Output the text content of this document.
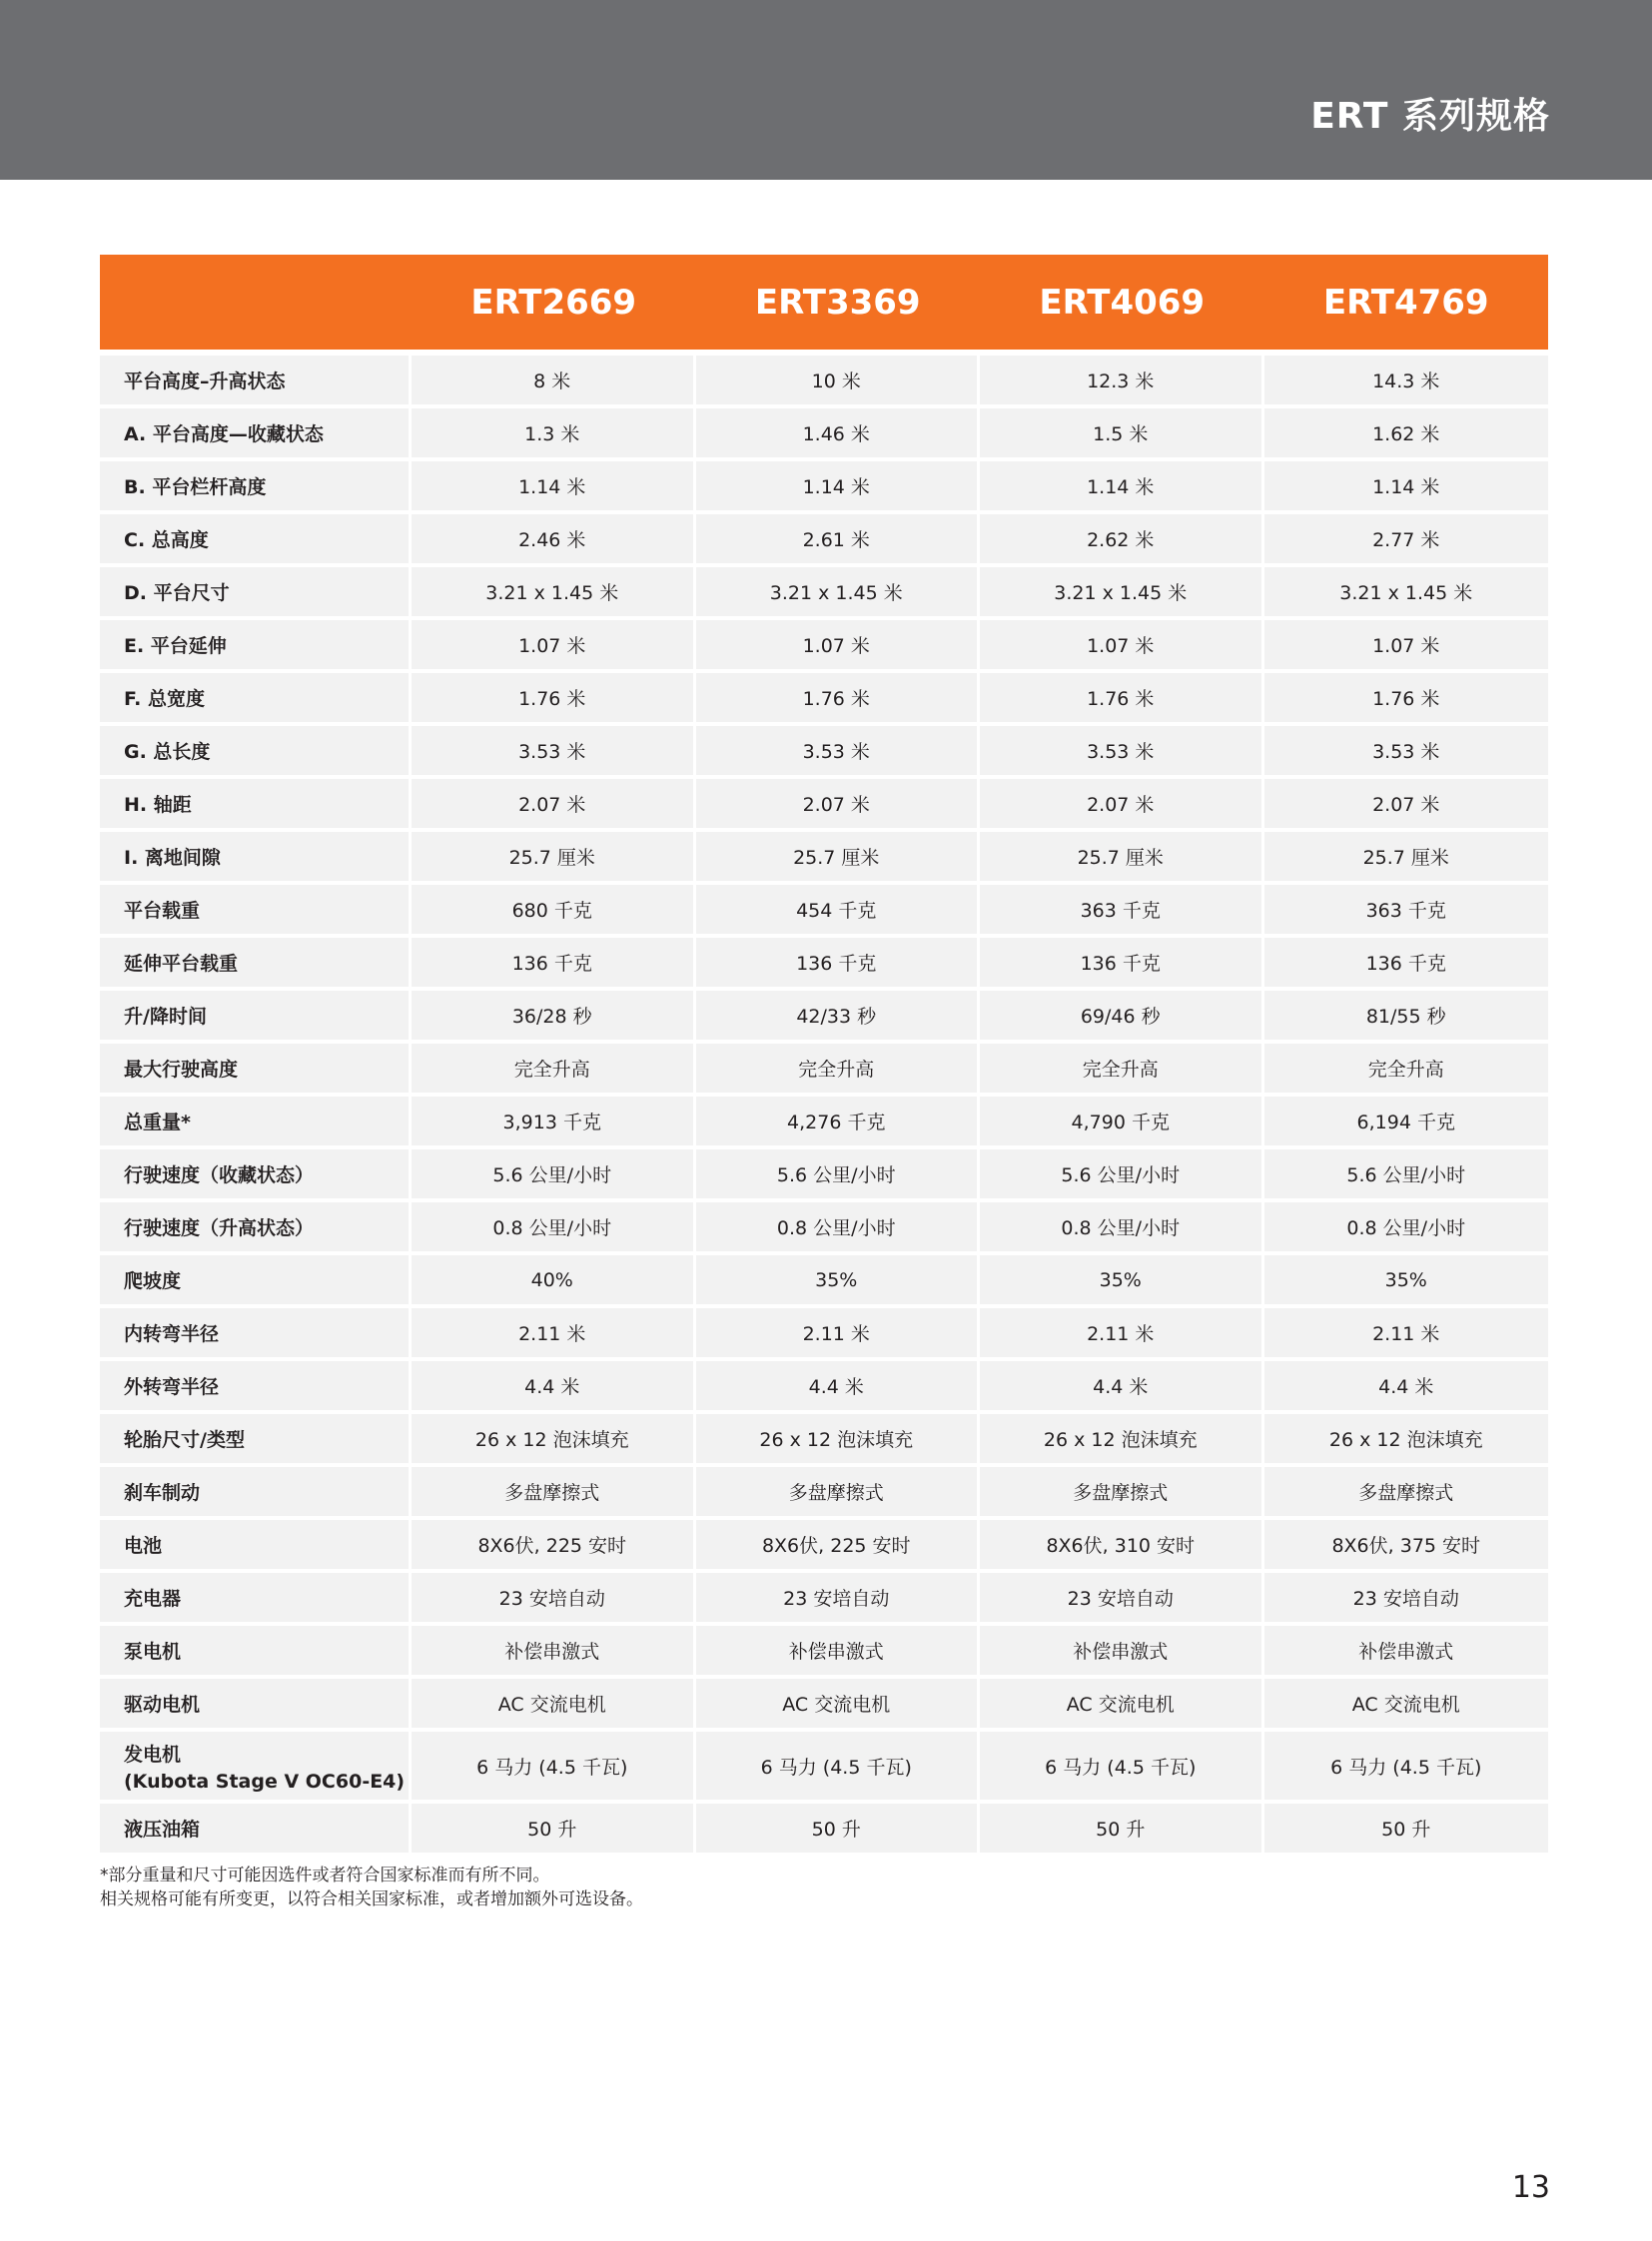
ERT 系列规格
	ERT2669	ERT3369	ERT4069	ERT4769
平台高度–升高状态	8 米	10 米	12.3 米	14.3 米
A. 平台高度—收藏状态	1.3 米	1.46 米	1.5 米	1.62 米
B. 平台栏杆高度	1.14 米	1.14 米	1.14 米	1.14 米
C. 总高度	2.46 米	2.61 米	2.62 米	2.77 米
D. 平台尺寸	3.21 x 1.45 米	3.21 x 1.45 米	3.21 x 1.45 米	3.21 x 1.45 米
E. 平台延伸	1.07 米	1.07 米	1.07 米	1.07 米
F. 总宽度	1.76 米	1.76 米	1.76 米	1.76 米
G. 总长度	3.53 米	3.53 米	3.53 米	3.53 米
H. 轴距	2.07 米	2.07 米	2.07 米	2.07 米
I. 离地间隙	25.7 厘米	25.7 厘米	25.7 厘米	25.7 厘米
平台载重	680 千克	454 千克	363 千克	363 千克
延伸平台载重	136 千克	136 千克	136 千克	136 千克
升/降时间	36/28 秒	42/33 秒	69/46 秒	81/55 秒
最大行驶高度	完全升高	完全升高	完全升高	完全升高
总重量*	3,913 千克	4,276 千克	4,790 千克	6,194 千克
行驶速度（收藏状态）	5.6 公里/小时	5.6 公里/小时	5.6 公里/小时	5.6 公里/小时
行驶速度（升高状态）	0.8 公里/小时	0.8 公里/小时	0.8 公里/小时	0.8 公里/小时
爬坡度	40%	35%	35%	35%
内转弯半径	2.11 米	2.11 米	2.11 米	2.11 米
外转弯半径	4.4 米	4.4 米	4.4 米	4.4 米
轮胎尺寸/类型	26 x 12 泡沫填充	26 x 12 泡沫填充	26 x 12 泡沫填充	26 x 12 泡沫填充
刹车制动	多盘摩擦式	多盘摩擦式	多盘摩擦式	多盘摩擦式
电池	8X6伏, 225 安时	8X6伏, 225 安时	8X6伏, 310 安时	8X6伏, 375 安时
充电器	23 安培自动	23 安培自动	23 安培自动	23 安培自动
泵电机	补偿串激式	补偿串激式	补偿串激式	补偿串激式
驱动电机	AC 交流电机	AC 交流电机	AC 交流电机	AC 交流电机
发电机
(Kubota Stage V OC60-E4)	6 马力 (4.5 千瓦)	6 马力 (4.5 千瓦)	6 马力 (4.5 千瓦)	6 马力 (4.5 千瓦)
液压油箱	50 升	50 升	50 升	50 升
*部分重量和尺寸可能因选件或者符合国家标准而有所不同。
相关规格可能有所变更，以符合相关国家标准，或者增加额外可选设备。
13
